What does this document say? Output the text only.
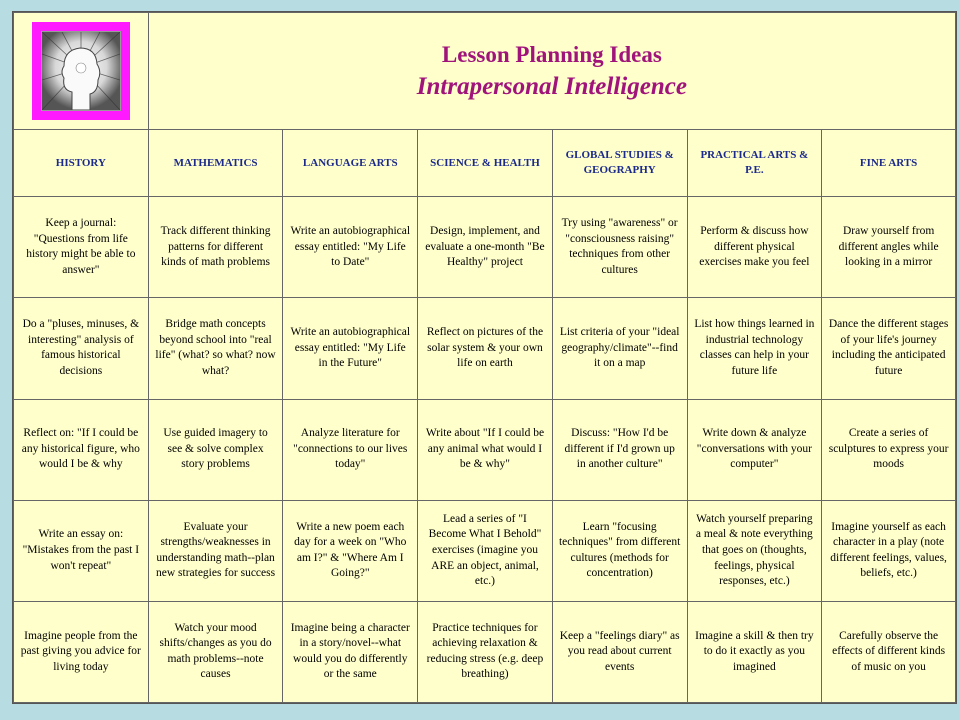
Lesson Planning Ideas

Intrapersonal Intelligence					

HISTORY	MATHEMATICS	LANGUAGE ARTS	SCIENCE & HEALTH	GLOBAL STUDIES & GEOGRAPHY	PRACTICAL ARTS & P.E.	FINE ARTS
Keep a journal: "Questions from life history might be able to answer"	Track different thinking patterns for different kinds of math problems	Write an autobiographical essay entitled: "My Life to Date"	Design, implement, and evaluate a one-month "Be Healthy" project	Try using "awareness" or "consciousness raising" techniques from other cultures	Perform & discuss how different physical exercises make you feel	Draw yourself from different angles while looking in a mirror
Do a "pluses, minuses, & interesting" analysis of famous historical decisions	Bridge math concepts beyond school into "real life" (what? so what? now what?	Write an autobiographical essay entitled: "My Life in the Future"	Reflect on pictures of the solar system & your own life on earth	List criteria of your "ideal geography/climate"--find it on a map	List how things learned in industrial technology classes can help in your future life	Dance the different stages of your life's journey including the anticipated future
Reflect on: "If I could be any historical figure, who would I be & why	Use guided imagery to see & solve complex story problems	Analyze literature for "connections to our lives today"	Write about "If I could be any animal what would I be & why"	Discuss: "How I'd be different if I'd grown up in another culture"	Write down & analyze "conversations with your computer"	Create a series of sculptures to express your moods
Write an essay on: "Mistakes from the past I won't repeat"	Evaluate your strengths/weaknesses in understanding math--plan new strategies for success	Write a new poem each day for a week on "Who am I?" & "Where Am I Going?"	Lead a series of "I Become What I Behold" exercises (imagine you ARE an object, animal, etc.)	Learn "focusing techniques" from different cultures (methods for concentration)	Watch yourself preparing a meal & note everything that goes on (thoughts, feelings, physical responses, etc.)	Imagine yourself as each character in a play (note different feelings, values, beliefs, etc.)
Imagine people from the past giving you advice for living today	Watch your mood shifts/changes as you do math problems--note causes	Imagine being a character in a story/novel--what would you do differently or the same	Practice techniques for achieving relaxation & reducing stress (e.g. deep breathing)	Keep a "feelings diary" as you read about current events	Imagine a skill & then try to do it exactly as you imagined	Carefully observe the effects of different kinds of music on you
